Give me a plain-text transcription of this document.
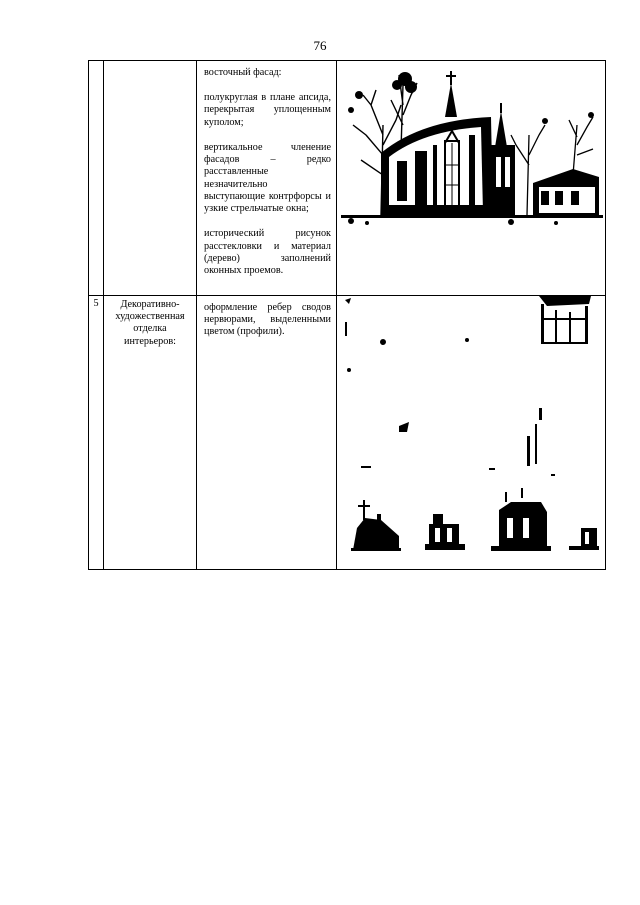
76

		восточный фасад:

полукруглая в плане апсида, перекрытая уплощенным куполом;

вертикальное членение фасадов – редко расставленные незначительно выступающие контрфорсы и узкие стрельчатые окна;

исторический рисунок расстекловки и материал (дерево) заполнений оконных проемов.

5	Декоративно-художественная отделка интерьеров:	оформление ребер сводов нервюрами, выделенными цветом (профили).
